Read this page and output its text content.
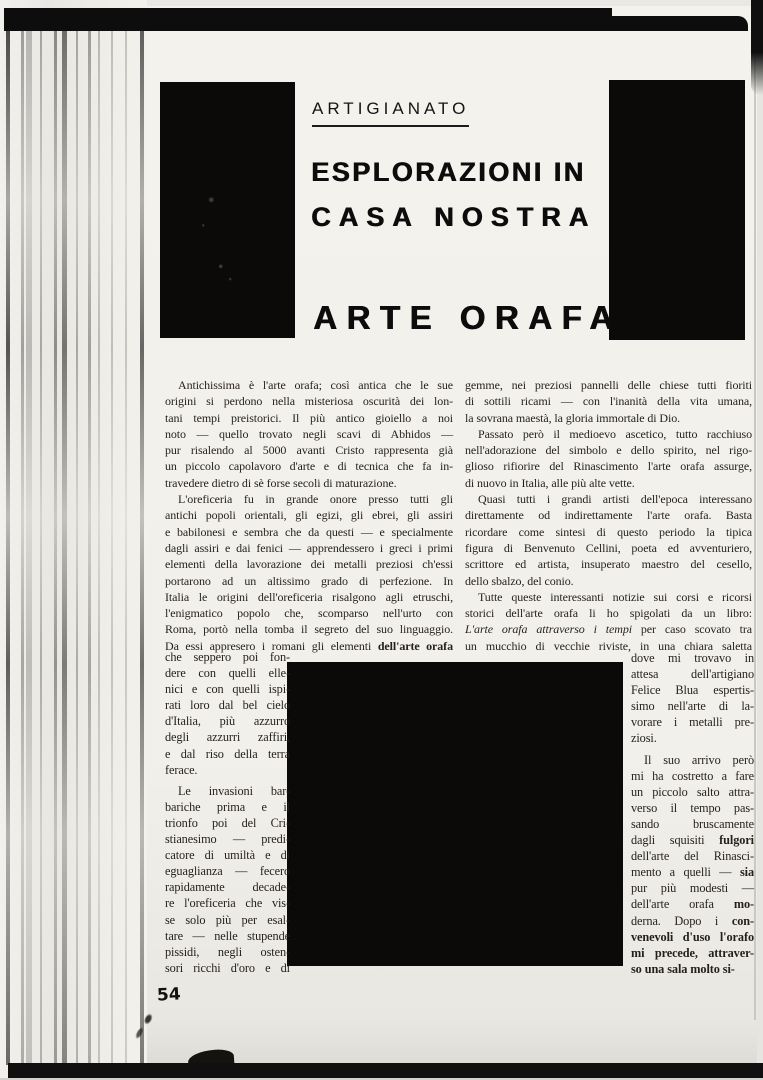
ARTIGIANATO
ESPLORAZIONI IN
CASA NOSTRA
ARTE ORAFA
Antichissima è l'arte orafa; così antica che le sue
origini si perdono nella misteriosa oscurità dei lon-
tani tempi preistorici. Il più antico gioiello a noi
noto — quello trovato negli scavi di Abhidos —
pur risalendo al 5000 avanti Cristo rappresenta già
un piccolo capolavoro d'arte e di tecnica che fa in-
travedere dietro di sè forse secoli di maturazione.
L'oreficeria fu in grande onore presso tutti gli
antichi popoli orientali, gli egizi, gli ebrei, gli assiri
e babilonesi e sembra che da questi — e specialmente
dagli assiri e dai fenici — apprendessero i greci i primi
elementi della lavorazione dei metalli preziosi ch'essi
portarono ad un altissimo grado di perfezione. In
Italia le origini dell'oreficeria risalgono agli etruschi,
l'enigmatico popolo che, scomparso nell'urto con
Roma, portò nella tomba il segreto del suo linguaggio.
Da essi appresero i romani gli elementi dell'arte orafa
gemme, nei preziosi pannelli delle chiese tutti fioriti
di sottili ricami — con l'inanità della vita umana,
la sovrana maestà, la gloria immortale di Dio.
Passato però il medioevo ascetico, tutto racchiuso
nell'adorazione del simbolo e dello spirito, nel rigo-
glioso rifiorire del Rinascimento l'arte orafa assurge,
di nuovo in Italia, alle più alte vette.
Quasi tutti i grandi artisti dell'epoca interessano
direttamente od indirettamente l'arte orafa. Basta
ricordare come sintesi di questo periodo la tipica
figura di Benvenuto Cellini, poeta ed avventuriero,
scrittore ed artista, insuperato maestro del cesello,
dello sbalzo, del conio.
Tutte queste interessanti notizie sui corsi e ricorsi
storici dell'arte orafa li ho spigolati da un libro:
L'arte orafa attraverso i tempi per caso scovato tra
un mucchio di vecchie riviste, in una chiara saletta
che seppero poi fon-
dere con quelli elle-
nici e con quelli ispi-
rati loro dal bel cielo
d'Italia, più azzurro
degli azzurri zaffiri,
e dal riso della terra
ferace.
Le invasioni bar-
bariche prima e il
trionfo poi del Cri-
stianesimo — predi-
catore di umiltà e di
eguaglianza — fecero
rapidamente decade-
re l'oreficeria che vis-
se solo più per esal-
tare — nelle stupende
pissidi, negli osten-
sori ricchi d'oro e di
dove mi trovavo in
attesa dell'artigiano
Felice Blua espertis-
simo nell'arte di la-
vorare i metalli pre-
ziosi.
Il suo arrivo però
mi ha costretto a fare
un piccolo salto attra-
verso il tempo pas-
sando bruscamente
dagli squisiti fulgori
dell'arte del Rinasci-
mento a quelli — sia
pur più modesti —
dell'arte orafa mo-
derna. Dopo i con-
venevoli d'uso l'orafo
mi precede, attraver-
so una sala molto si-
54
